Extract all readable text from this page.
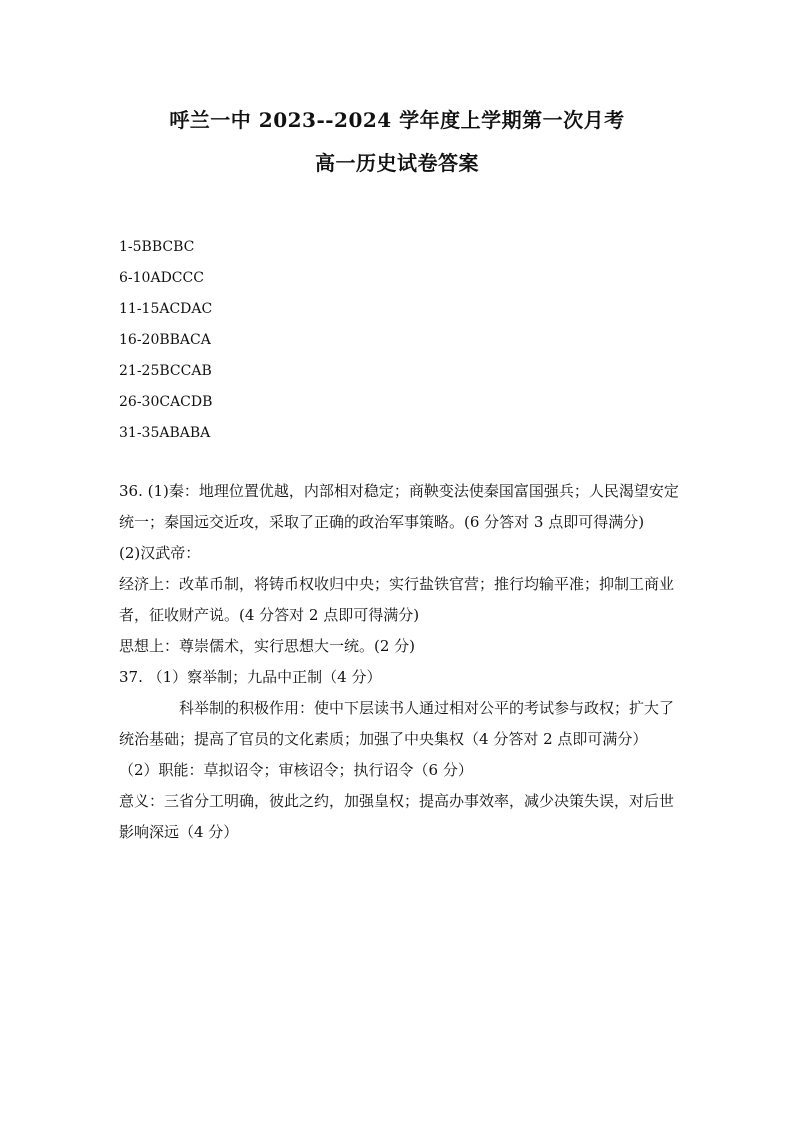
呼兰一中 2023--2024 学年度上学期第一次月考
高一历史试卷答案
1-5BBCBC
6-10ADCCC
11-15ACDAC
16-20BBACA
21-25BCCAB
26-30CACDB
31-35ABABA

36. (1)秦：地理位置优越，内部相对稳定；商鞅变法使秦国富国强兵；人民渴望安定统一；秦国远交近攻，采取了正确的政治军事策略。(6 分答对 3 点即可得满分)

(2)汉武帝：

经济上：改革币制，将铸币权收归中央；实行盐铁官营；推行均输平准；抑制工商业者，征收财产说。(4 分答对 2 点即可得满分)

思想上：尊崇儒术，实行思想大一统。(2 分)

37. （1）察举制；九品中正制（4 分）

科举制的积极作用：使中下层读书人通过相对公平的考试参与政权；扩大了统治基础；提高了官员的文化素质；加强了中央集权（4 分答对 2 点即可满分）

（2）职能：草拟诏令；审核诏令；执行诏令（6 分）

意义：三省分工明确，彼此之约，加强皇权；提高办事效率，减少决策失误，对后世影响深远（4 分）
